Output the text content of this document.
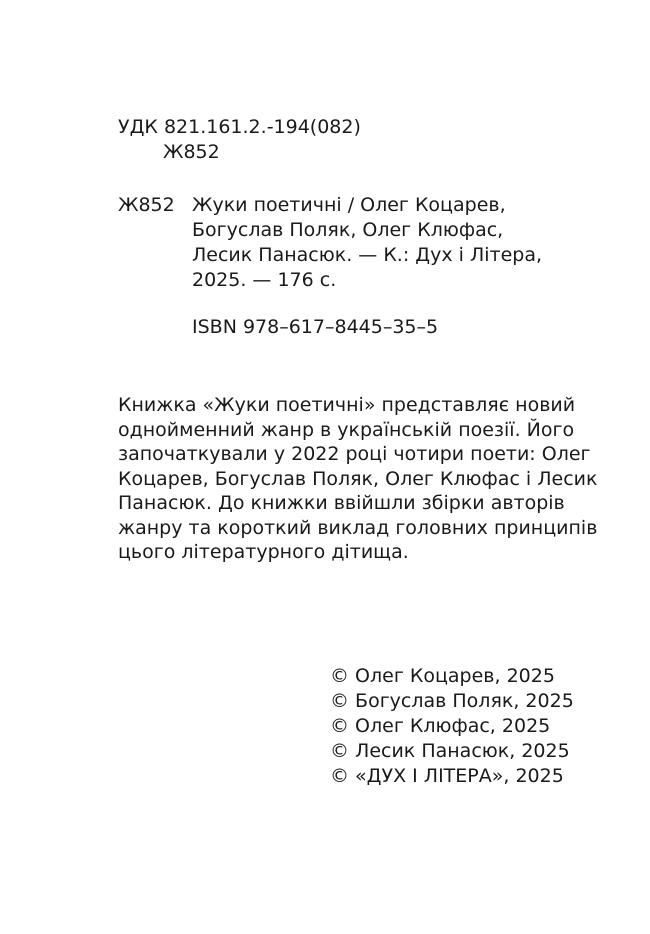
УДК 821.161.2.-194(082)
Ж852
Ж852 Жуки поетичні / Олег Коцарев,
Богуслав Поляк, Олег Клюфас,
Лесик Панасюк. — К.: Дух і Літера,
2025. — 176 с.
ISBN 978–617–8445–35–5
Книжка «Жуки поетичні» представляє новий
однойменний жанр в українській поезії. Його
започаткували у 2022 році чотири поети: Олег
Коцарев, Богуслав Поляк, Олег Клюфас і Лесик
Панасюк. До книжки ввійшли збірки авторів
жанру та короткий виклад головних принципів
цього літературного дітища.
© Олег Коцарев, 2025
© Богуслав Поляк, 2025
© Олег Клюфас, 2025
© Лесик Панасюк, 2025
© «ДУХ І ЛІТЕРА», 2025
